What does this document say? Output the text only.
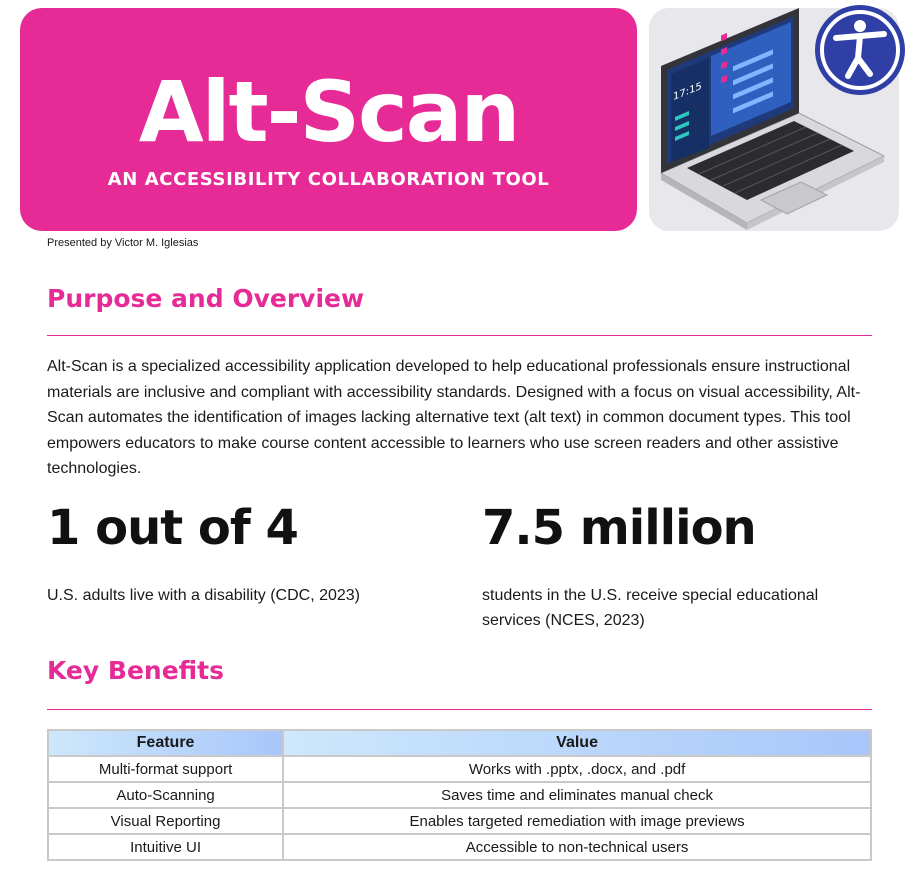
Alt-Scan
AN ACCESSIBILITY COLLABORATION TOOL
17:15
Presented by Victor M. Iglesias
Purpose and Overview
Alt-Scan is a specialized accessibility application developed to help educational professionals ensure instructional materials are inclusive and compliant with accessibility standards. Designed with a focus on visual accessibility, Alt-Scan automates the identification of images lacking alternative text (alt text) in common document types. This tool empowers educators to make course content accessible to learners who use screen readers and other assistive technologies.
1 out of 4
U.S. adults live with a disability (CDC, 2023)
7.5 million
students in the U.S. receive special educational services (NCES, 2023)
Key Benefits
Feature	Value
Multi-format support	Works with .pptx, .docx, and .pdf
Auto-Scanning	Saves time and eliminates manual check
Visual Reporting	Enables targeted remediation with image previews
Intuitive UI	Accessible to non-technical users
